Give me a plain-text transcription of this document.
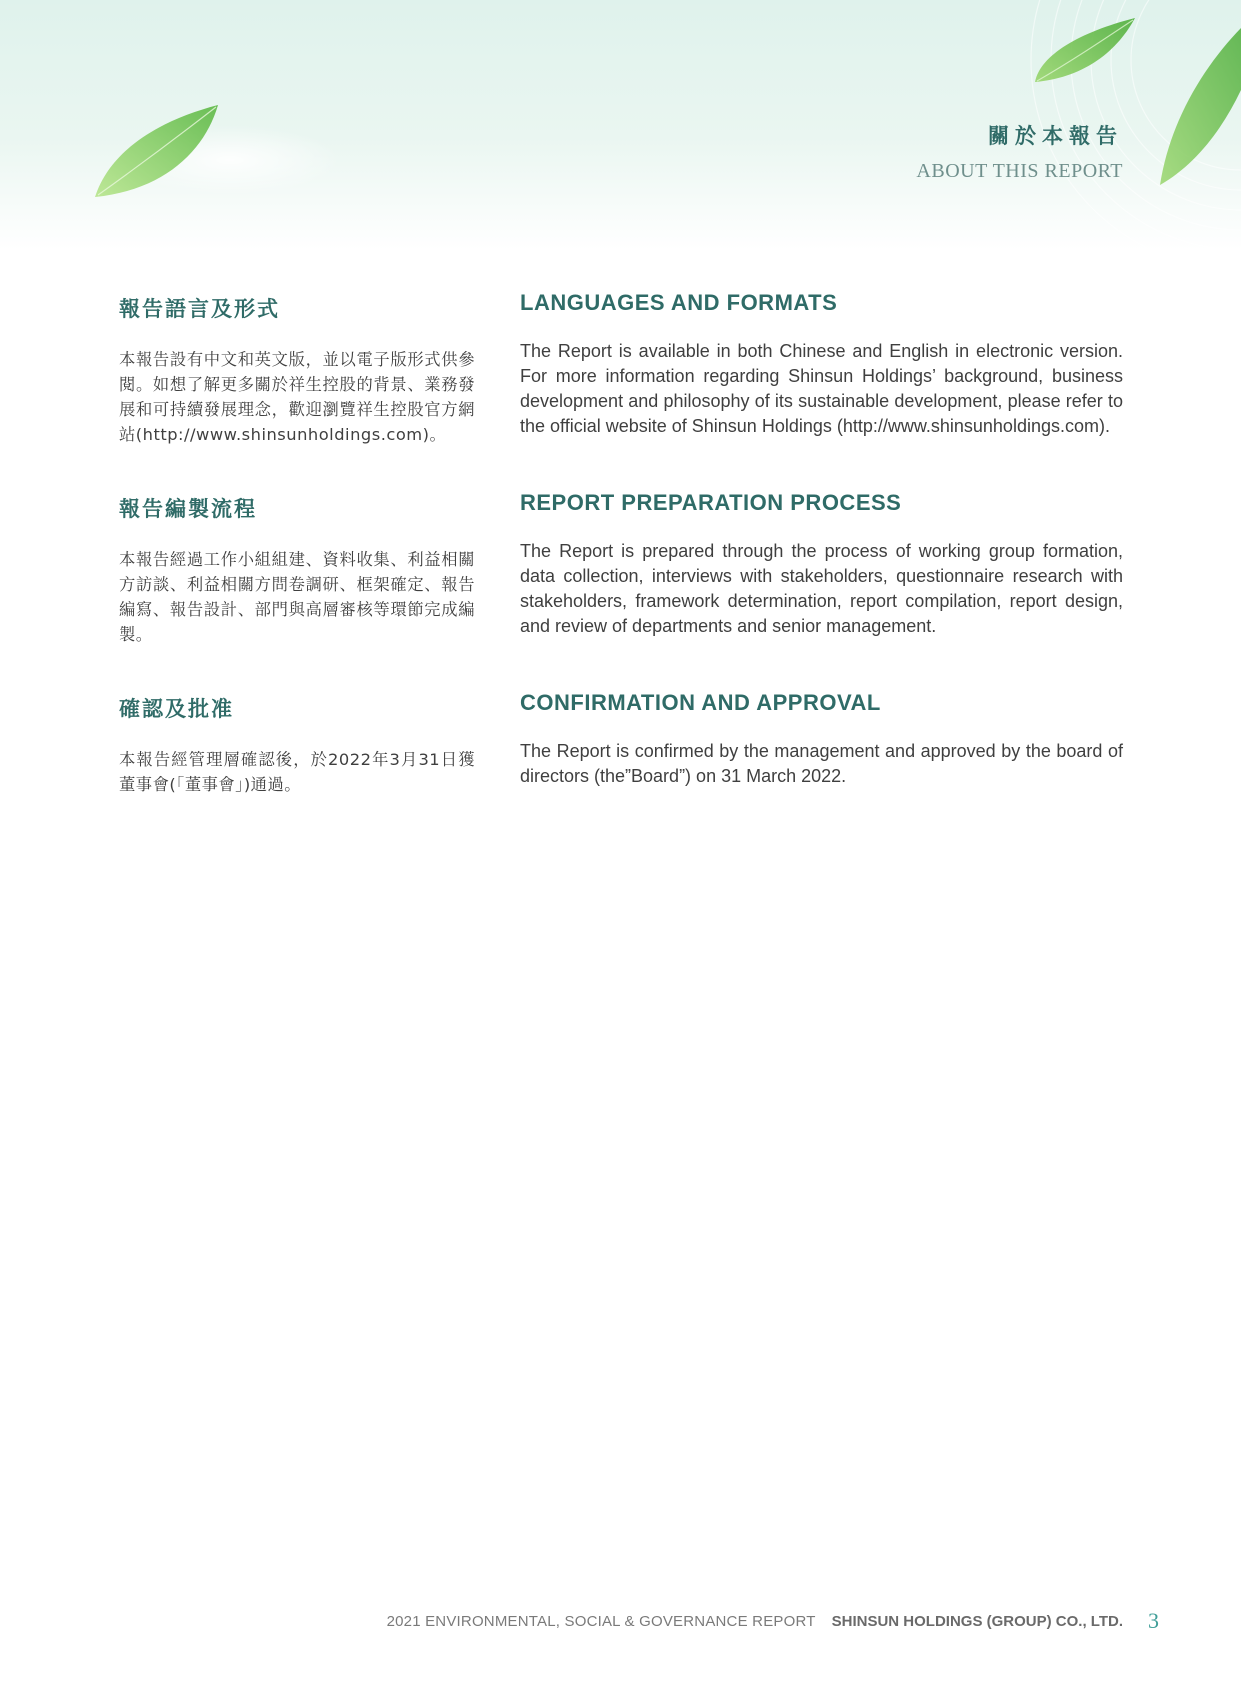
關於本報告
ABOUT THIS REPORT
報告語言及形式

本報告設有中文和英文版，並以電子版形式供參閱。如想了解更多關於祥生控股的背景、業務發展和可持續發展理念，歡迎瀏覽祥生控股官方網站(http://www.shinsunholdings.com)。

LANGUAGES AND FORMATS

The Report is available in both Chinese and English in electronic version. For more information regarding Shinsun Holdings’ background, business development and philosophy of its sustainable development, please refer to the official website of Shinsun Holdings (http://www.shinsunholdings.com).

報告編製流程

本報告經過工作小組組建、資料收集、利益相關方訪談、利益相關方問卷調研、框架確定、報告編寫、報告設計、部門與高層審核等環節完成編製。

REPORT PREPARATION PROCESS

The Report is prepared through the process of working group formation, data collection, interviews with stakeholders, questionnaire research with stakeholders, framework determination, report compilation, report design, and review of departments and senior management.

確認及批准

本報告經管理層確認後，於2022年3月31日獲董事會(「董事會」)通過。

CONFIRMATION AND APPROVAL

The Report is confirmed by the management and approved by the board of directors (the”Board”) on 31 March 2022.

2021 ENVIRONMENTAL, SOCIAL & GOVERNANCE REPORT SHINSUN HOLDINGS (GROUP) CO., LTD. 3
